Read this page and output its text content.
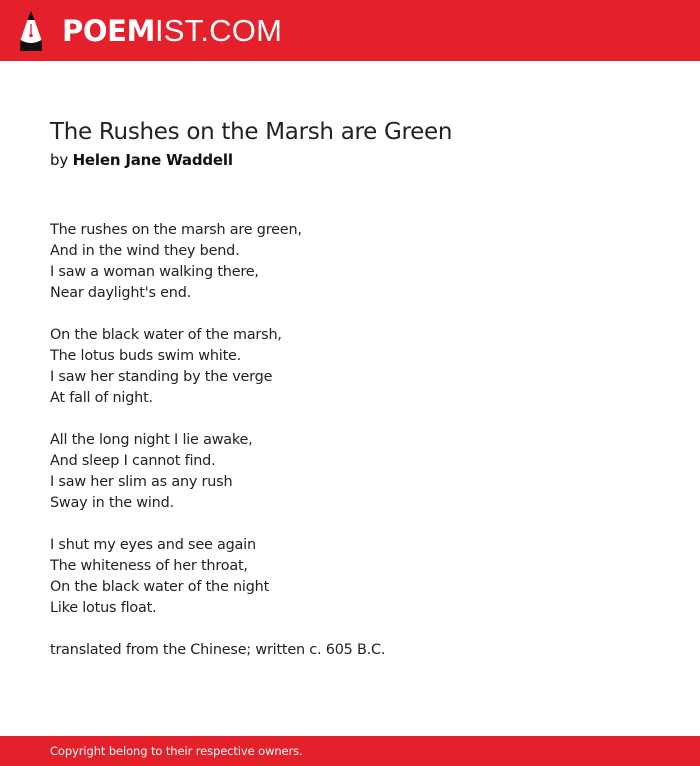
POEMIST.COM
The Rushes on the Marsh are Green
by Helen Jane Waddell
The rushes on the marsh are green,
And in the wind they bend.
I saw a woman walking there,
Near daylight's end.
On the black water of the marsh,
The lotus buds swim white.
I saw her standing by the verge
At fall of night.
All the long night I lie awake,
And sleep I cannot find.
I saw her slim as any rush
Sway in the wind.
I shut my eyes and see again
The whiteness of her throat,
On the black water of the night
Like lotus float.
translated from the Chinese; written c. 605 B.C.
Copyright belong to their respective owners.
